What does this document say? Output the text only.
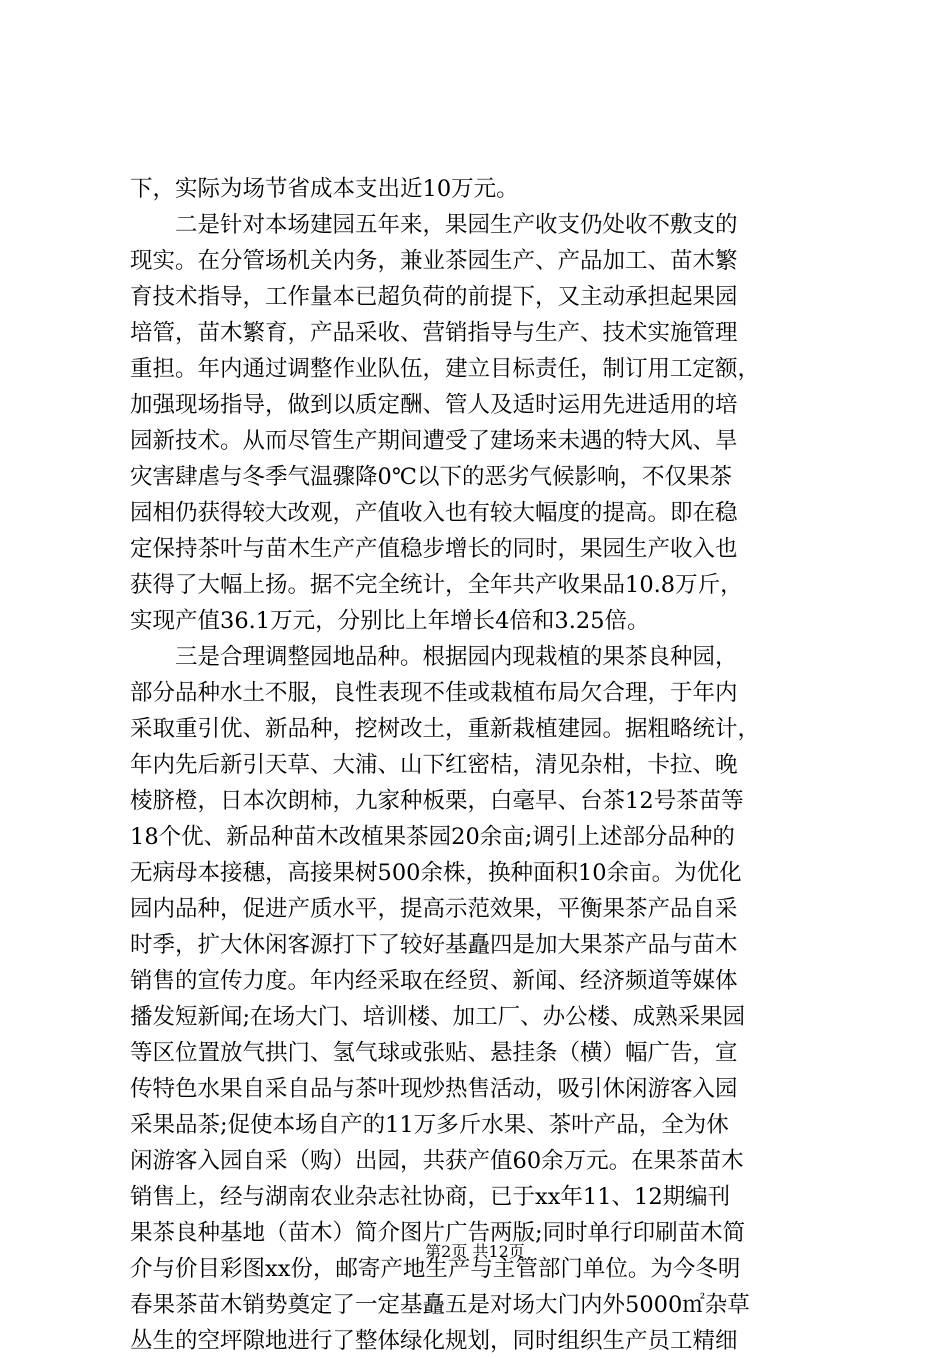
下，实际为场节省成本支出近10万元。
　　二是针对本场建园五年来，果园生产收支仍处收不敷支的
现实。在分管场机关内务，兼业茶园生产、产品加工、苗木繁
育技术指导，工作量本已超负荷的前提下，又主动承担起果园
培管，苗木繁育，产品采收、营销指导与生产、技术实施管理
重担。年内通过调整作业队伍，建立目标责任，制订用工定额，
加强现场指导，做到以质定酬、管人及适时运用先进适用的培
园新技术。从而尽管生产期间遭受了建场来未遇的特大风、旱
灾害肆虐与冬季气温骤降0℃以下的恶劣气候影响，不仅果茶
园相仍获得较大改观，产值收入也有较大幅度的提高。即在稳
定保持茶叶与苗木生产产值稳步增长的同时，果园生产收入也
获得了大幅上扬。据不完全统计，全年共产收果品10.8万斤，
实现产值36.1万元，分别比上年增长4倍和3.25倍。
　　三是合理调整园地品种。根据园内现栽植的果茶良种园，
部分品种水土不服，良性表现不佳或栽植布局欠合理，于年内
采取重引优、新品种，挖树改土，重新栽植建园。据粗略统计，
年内先后新引天草、大浦、山下红密桔，清见杂柑，卡拉、晚
棱脐橙，日本次朗柿，九家种板栗，白毫早、台茶12号茶苗等
18个优、新品种苗木改植果茶园20余亩;调引上述部分品种的
无病母本接穗，高接果树500余株，换种面积10余亩。为优化
园内品种，促进产质水平，提高示范效果，平衡果茶产品自采
时季，扩大休闲客源打下了较好基矗四是加大果茶产品与苗木
销售的宣传力度。年内经采取在经贸、新闻、经济频道等媒体
播发短新闻;在场大门、培训楼、加工厂、办公楼、成熟采果园
等区位置放气拱门、氢气球或张贴、悬挂条（横）幅广告，宣
传特色水果自采自品与茶叶现炒热售活动，吸引休闲游客入园
采果品茶;促使本场自产的11万多斤水果、茶叶产品，全为休
闲游客入园自采（购）出园，共获产值60余万元。在果茶苗木
销售上，经与湖南农业杂志社协商，已于xx年11、12期编刊
果茶良种基地（苗木）简介图片广告两版;同时单行印刷苗木简
介与价目彩图xx份，邮寄产地生产与主管部门单位。为今冬明
春果茶苗木销势奠定了一定基矗五是对场大门内外5000㎡杂草
丛生的空坪隙地进行了整体绿化规划，同时组织生产员工精细
第2页 共12页
